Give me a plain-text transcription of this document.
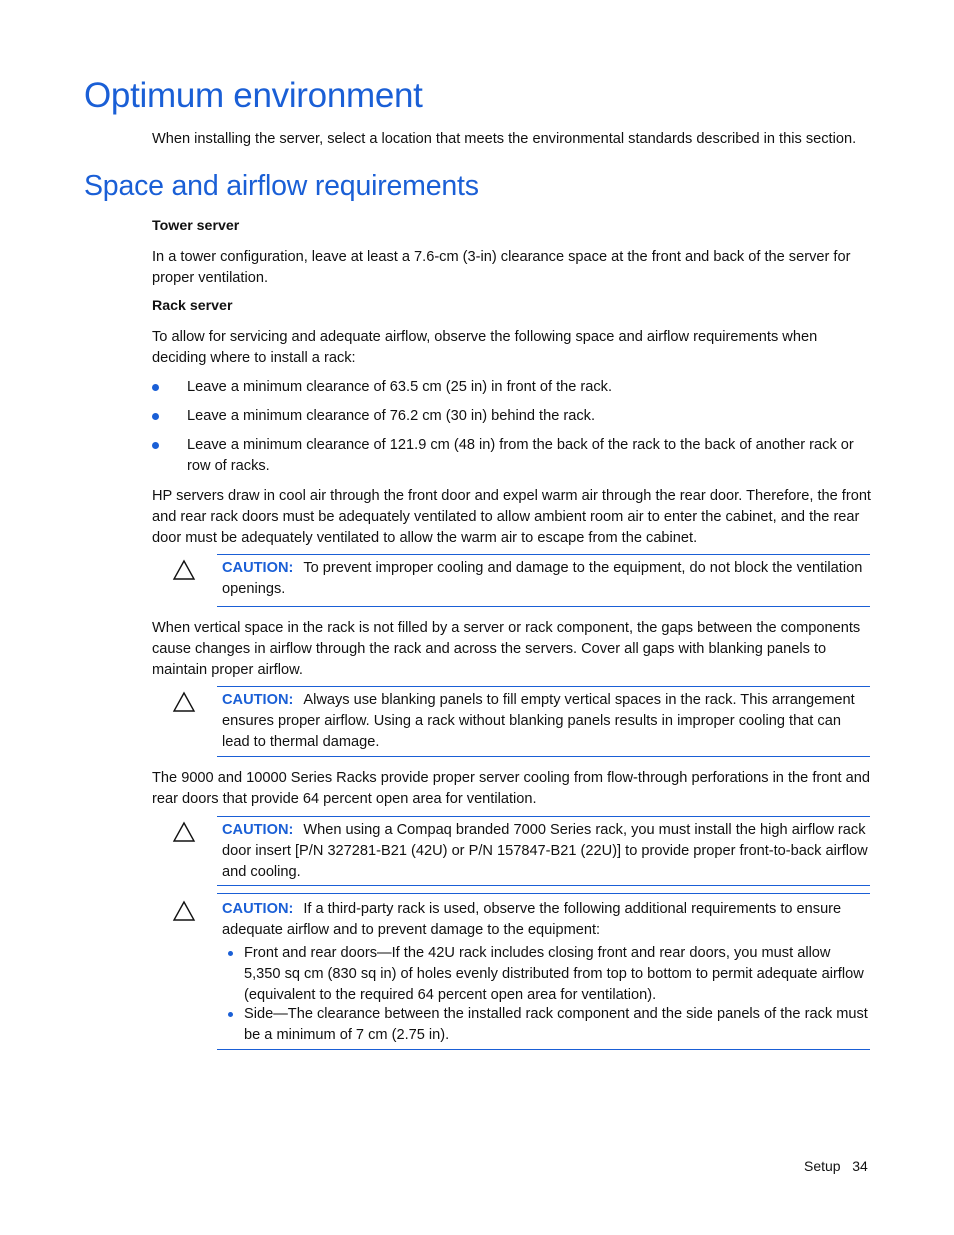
Optimum environment

When installing the server, select a location that meets the environmental standards described in this section.

Space and airflow requirements
Tower server

In a tower configuration, leave at least a 7.6-cm (3-in) clearance space at the front and back of the server for proper ventilation.

Rack server

To allow for servicing and adequate airflow, observe the following space and airflow requirements when deciding where to install a rack:

Leave a minimum clearance of 63.5 cm (25 in) in front of the rack.
Leave a minimum clearance of 76.2 cm (30 in) behind the rack.
Leave a minimum clearance of 121.9 cm (48 in) from the back of the rack to the back of another rack or row of racks.

HP servers draw in cool air through the front door and expel warm air through the rear door. Therefore, the front and rear rack doors must be adequately ventilated to allow ambient room air to enter the cabinet, and the rear door must be adequately ventilated to allow the warm air to escape from the cabinet.

CAUTION: To prevent improper cooling and damage to the equipment, do not block the ventilation openings.

When vertical space in the rack is not filled by a server or rack component, the gaps between the components cause changes in airflow through the rack and across the servers. Cover all gaps with blanking panels to maintain proper airflow.

CAUTION: Always use blanking panels to fill empty vertical spaces in the rack. This arrangement ensures proper airflow. Using a rack without blanking panels results in improper cooling that can lead to thermal damage.

The 9000 and 10000 Series Racks provide proper server cooling from flow-through perforations in the front and rear doors that provide 64 percent open area for ventilation.

CAUTION: When using a Compaq branded 7000 Series rack, you must install the high airflow rack door insert [P/N 327281-B21 (42U) or P/N 157847-B21 (22U)] to provide proper front-to-back airflow and cooling.
CAUTION: If a third-party rack is used, observe the following additional requirements to ensure adequate airflow and to prevent damage to the equipment:
Front and rear doors—If the 42U rack includes closing front and rear doors, you must allow 5,350 sq cm (830 sq in) of holes evenly distributed from top to bottom to permit adequate airflow (equivalent to the required 64 percent open area for ventilation).
Side—The clearance between the installed rack component and the side panels of the rack must be a minimum of 7 cm (2.75 in).
Setup 34
